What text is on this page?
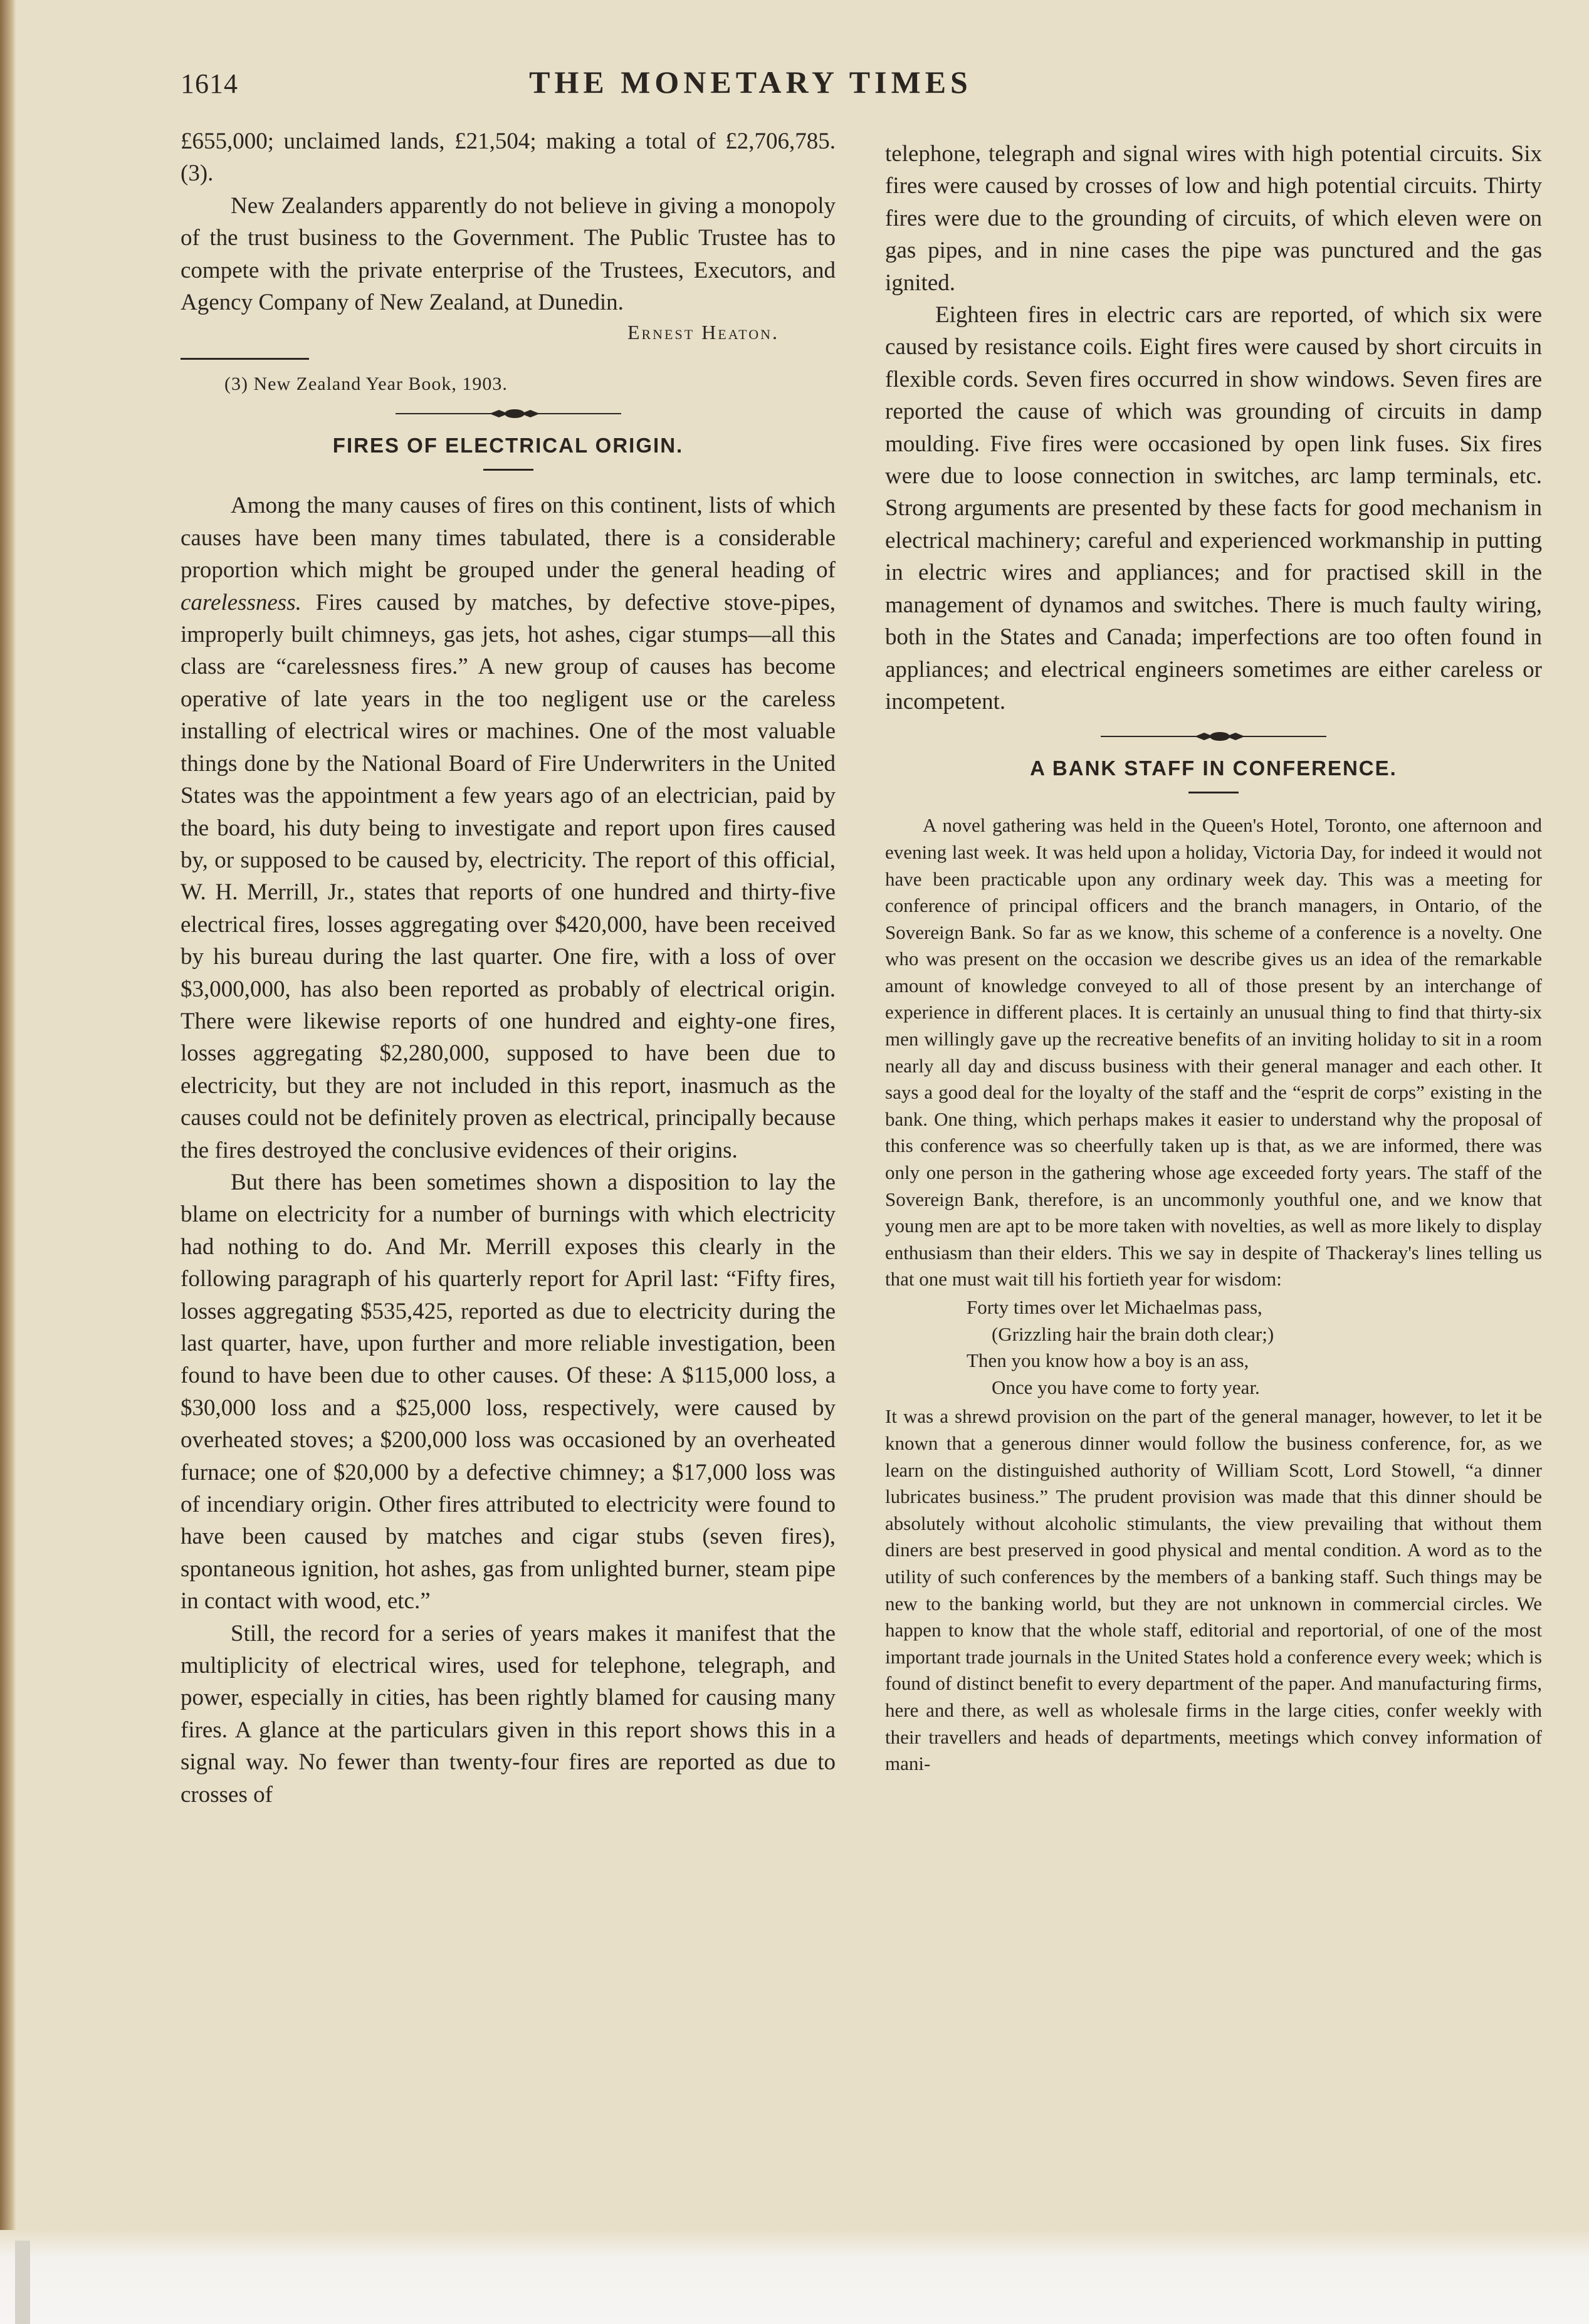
1614	THE MONETARY TIMES

£655,000; unclaimed lands, £21,504; making a total of £2,706,785. (3).

New Zealanders apparently do not believe in giving a monopoly of the trust business to the Government. The Public Trustee has to compete with the private enterprise of the Trustees, Executors, and Agency Company of New Zealand, at Dunedin.

Ernest Heaton.
(3) New Zealand Year Book, 1903.
FIRES OF ELECTRICAL ORIGIN.

Among the many causes of fires on this continent, lists of which causes have been many times tabulated, there is a considerable proportion which might be grouped under the general heading of carelessness. Fires caused by matches, by defective stove-pipes, improperly built chimneys, gas jets, hot ashes, cigar stumps—all this class are “carelessness fires.” A new group of causes has become operative of late years in the too negligent use or the careless installing of electrical wires or machines. One of the most valuable things done by the National Board of Fire Underwriters in the United States was the appointment a few years ago of an electrician, paid by the board, his duty being to investigate and report upon fires caused by, or supposed to be caused by, electricity. The report of this official, W. H. Merrill, Jr., states that reports of one hundred and thirty-five electrical fires, losses aggregating over $420,000, have been received by his bureau during the last quarter. One fire, with a loss of over $3,000,000, has also been reported as probably of electrical origin. There were likewise reports of one hundred and eighty-one fires, losses aggregating $2,280,000, supposed to have been due to electricity, but they are not included in this report, inasmuch as the causes could not be definitely proven as electrical, principally because the fires destroyed the conclusive evidences of their origins.

But there has been sometimes shown a disposition to lay the blame on electricity for a number of burnings with which electricity had nothing to do. And Mr. Merrill exposes this clearly in the following paragraph of his quarterly report for April last: “Fifty fires, losses aggregating $535,425, reported as due to electricity during the last quarter, have, upon further and more reliable investigation, been found to have been due to other causes. Of these: A $115,000 loss, a $30,000 loss and a $25,000 loss, respectively, were caused by overheated stoves; a $200,000 loss was occasioned by an overheated furnace; one of $20,000 by a defective chimney; a $17,000 loss was of incendiary origin. Other fires attributed to electricity were found to have been caused by matches and cigar stubs (seven fires), spontaneous ignition, hot ashes, gas from unlighted burner, steam pipe in contact with wood, etc.”

Still, the record for a series of years makes it manifest that the multiplicity of electrical wires, used for telephone, telegraph, and power, especially in cities, has been rightly blamed for causing many fires. A glance at the particulars given in this report shows this in a signal way. No fewer than twenty-four fires are reported as due to crosses of

telephone, telegraph and signal wires with high potential circuits. Six fires were caused by crosses of low and high potential circuits. Thirty fires were due to the grounding of circuits, of which eleven were on gas pipes, and in nine cases the pipe was punctured and the gas ignited.

Eighteen fires in electric cars are reported, of which six were caused by resistance coils. Eight fires were caused by short circuits in flexible cords. Seven fires occurred in show windows. Seven fires are reported the cause of which was grounding of circuits in damp moulding. Five fires were occasioned by open link fuses. Six fires were due to loose connection in switches, arc lamp terminals, etc. Strong arguments are presented by these facts for good mechanism in electrical machinery; careful and experienced workmanship in putting in electric wires and appliances; and for practised skill in the management of dynamos and switches. There is much faulty wiring, both in the States and Canada; imperfections are too often found in appliances; and electrical engineers sometimes are either careless or incompetent.

A BANK STAFF IN CONFERENCE.

A novel gathering was held in the Queen's Hotel, Toronto, one afternoon and evening last week. It was held upon a holiday, Victoria Day, for indeed it would not have been practicable upon any ordinary week day. This was a meeting for conference of principal officers and the branch managers, in Ontario, of the Sovereign Bank. So far as we know, this scheme of a conference is a novelty. One who was present on the occasion we describe gives us an idea of the remarkable amount of knowledge conveyed to all of those present by an interchange of experience in different places. It is certainly an unusual thing to find that thirty-six men willingly gave up the recreative benefits of an inviting holiday to sit in a room nearly all day and discuss business with their general manager and each other. It says a good deal for the loyalty of the staff and the “esprit de corps” existing in the bank. One thing, which perhaps makes it easier to understand why the proposal of this conference was so cheerfully taken up is that, as we are informed, there was only one person in the gathering whose age exceeded forty years. The staff of the Sovereign Bank, therefore, is an uncommonly youthful one, and we know that young men are apt to be more taken with novelties, as well as more likely to display enthusiasm than their elders. This we say in despite of Thackeray's lines telling us that one must wait till his fortieth year for wisdom:

Forty times over let Michaelmas pass,
(Grizzling hair the brain doth clear;)
Then you know how a boy is an ass,
Once you have come to forty year.

It was a shrewd provision on the part of the general manager, however, to let it be known that a generous dinner would follow the business conference, for, as we learn on the distinguished authority of William Scott, Lord Stowell, “a dinner lubricates business.” The prudent provision was made that this dinner should be absolutely without alcoholic stimulants, the view prevailing that without them diners are best preserved in good physical and mental condition. A word as to the utility of such conferences by the members of a banking staff. Such things may be new to the banking world, but they are not unknown in commercial circles. We happen to know that the whole staff, editorial and reportorial, of one of the most important trade journals in the United States hold a conference every week; which is found of distinct benefit to every department of the paper. And manufacturing firms, here and there, as well as wholesale firms in the large cities, confer weekly with their travellers and heads of departments, meetings which convey information of mani-
